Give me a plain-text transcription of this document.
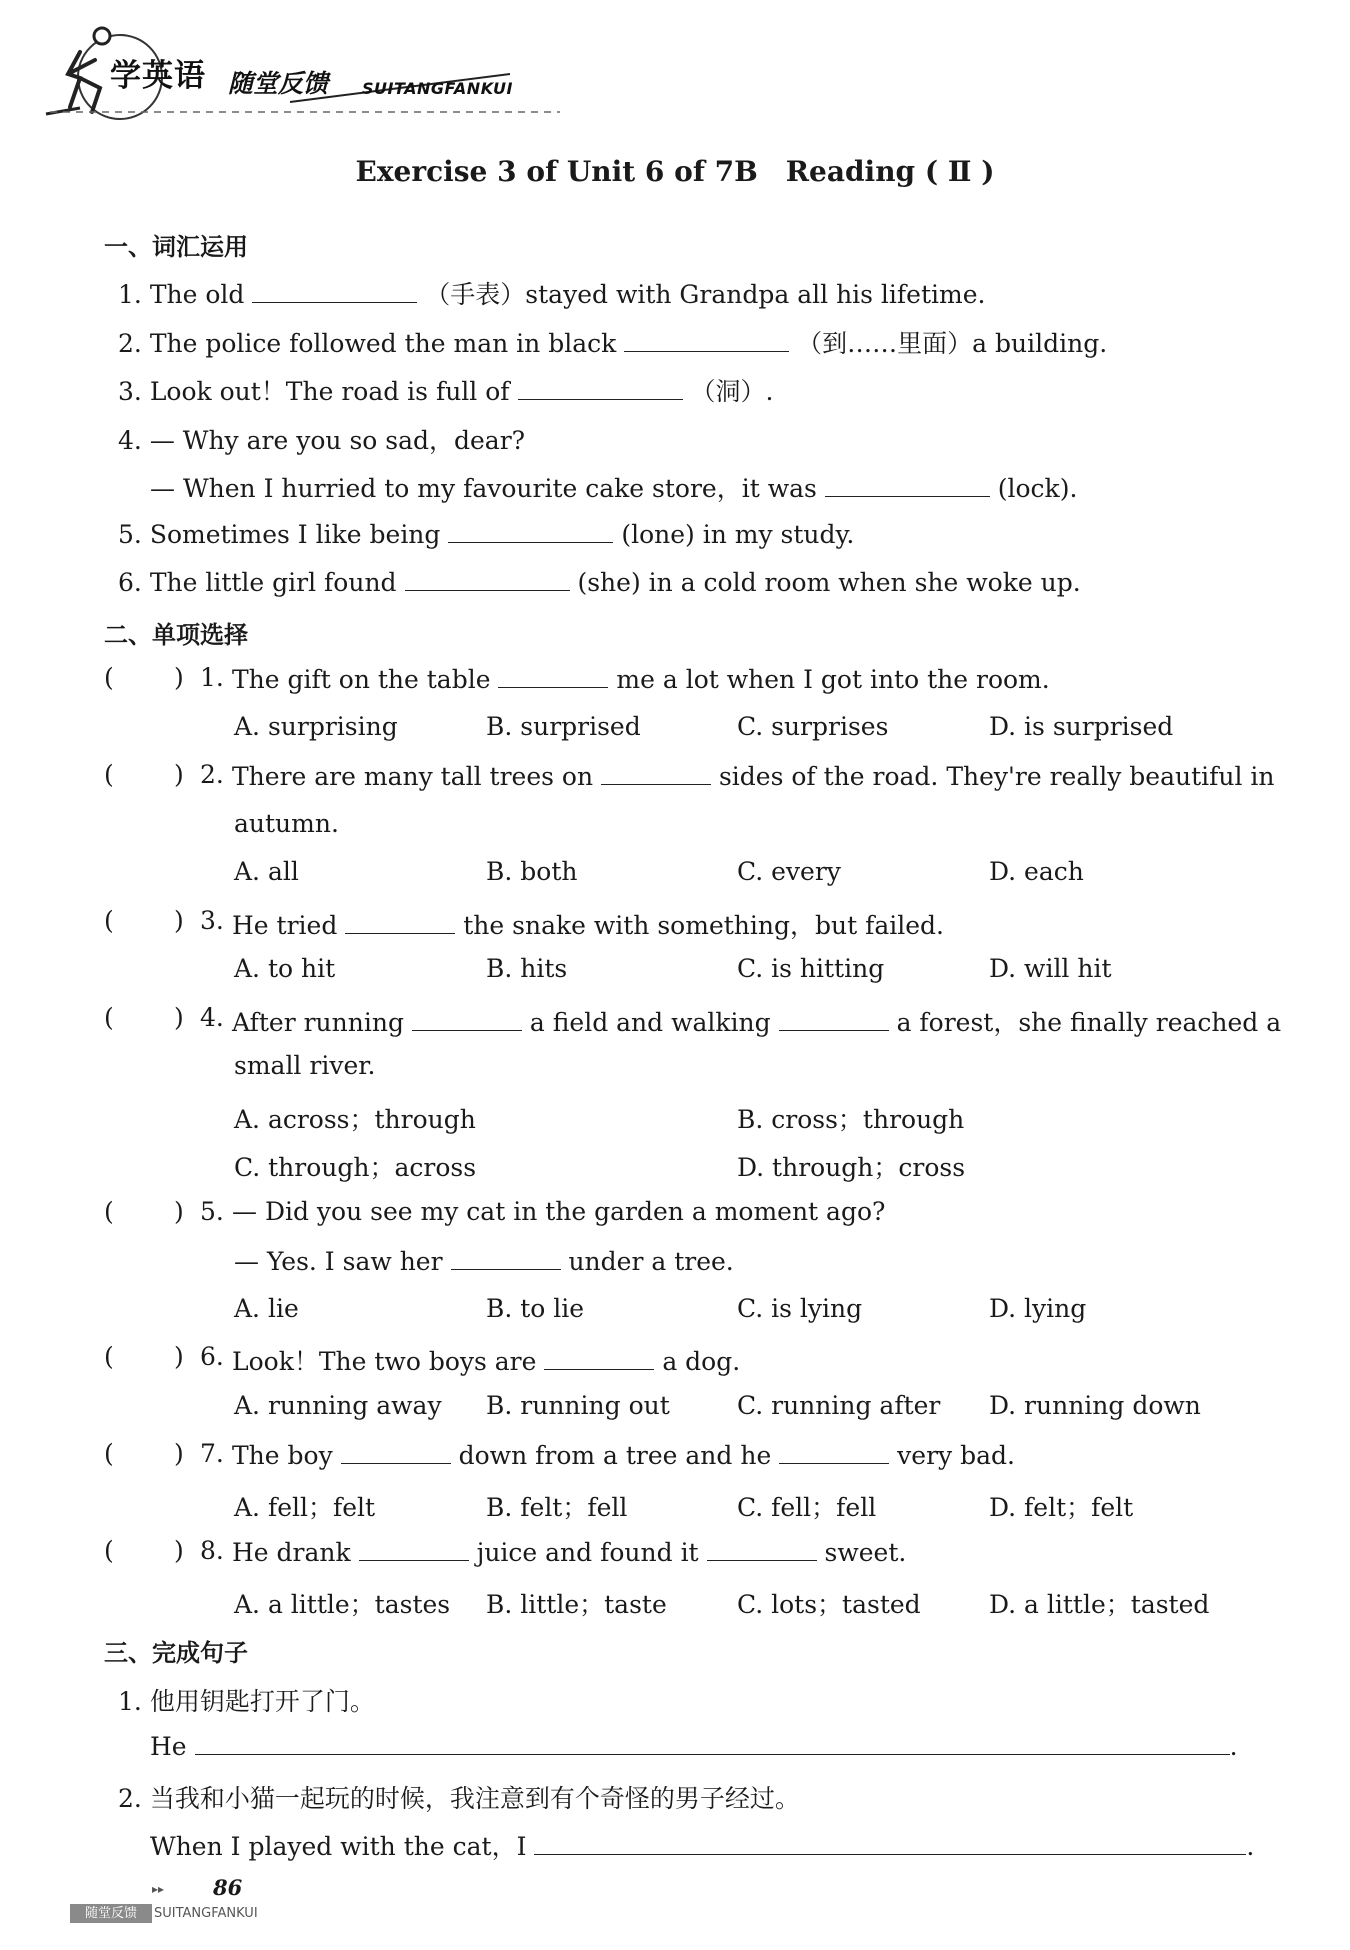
学英语 随堂反馈 SUITANGFANKUI
Exercise 3 of Unit 6 of 7B　Reading ( Ⅱ )
一、词汇运用
1. The old	（手表）stayed with Grandpa all his lifetime.
2. The police followed the man in black	（到……里面）a building.
3. Look out！The road is full of	（洞）.
4. — Why are you so sad，dear?
— When I hurried to my favourite cake store，it was	(lock).
5. Sometimes I like being	(lone) in my study.
6. The little girl found	(she) in a cold room when she woke up.
二、单项选择
( ) 1. The gift on the table	me a lot when I got into the room.
A. surprising	B. surprised	C. surprises	D. is surprised
( ) 2. There are many tall trees on	sides of the road. They're really beautiful in
autumn.
A. all	B. both	C. every	D. each
( ) 3. He tried	the snake with something，but failed.
A. to hit	B. hits	C. is hitting	D. will hit
( ) 4. After running	a field and walking	a forest，she finally reached a
small river.
A. across；through	B. cross；through
C. through；across	D. through；cross
( ) 5. — Did you see my cat in the garden a moment ago?
— Yes. I saw her	under a tree.
A. lie	B. to lie	C. is lying	D. lying
( ) 6. Look！The two boys are	a dog.
A. running away B. running out	C. running after D. running down
( ) 7. The boy	down from a tree and he	very bad.
A. fell；felt	B. felt；fell	C. fell；fell	D. felt；felt
( ) 8. He drank	juice and found it	sweet.
A. a little；tastes B. little；taste	C. lots；tasted	D. a little；tasted
三、完成句子
1. 他用钥匙打开了门。
He	.
2. 当我和小猫一起玩的时候，我注意到有个奇怪的男子经过。
When I played with the cat，I	.
▸▸ 86
随堂反馈	SUITANGFANKUI
